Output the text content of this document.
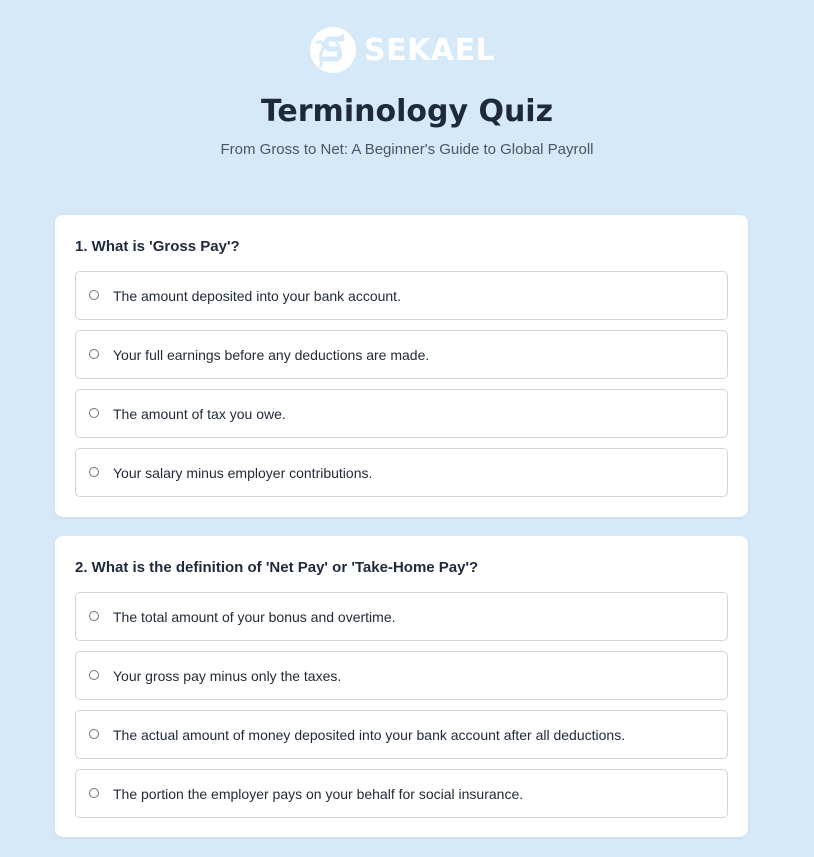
SEKAEL
Terminology Quiz
From Gross to Net: A Beginner's Guide to Global Payroll
1. What is 'Gross Pay'?
The amount deposited into your bank account.
Your full earnings before any deductions are made.
The amount of tax you owe.
Your salary minus employer contributions.
2. What is the definition of 'Net Pay' or 'Take-Home Pay'?
The total amount of your bonus and overtime.
Your gross pay minus only the taxes.
The actual amount of money deposited into your bank account after all deductions.
The portion the employer pays on your behalf for social insurance.
